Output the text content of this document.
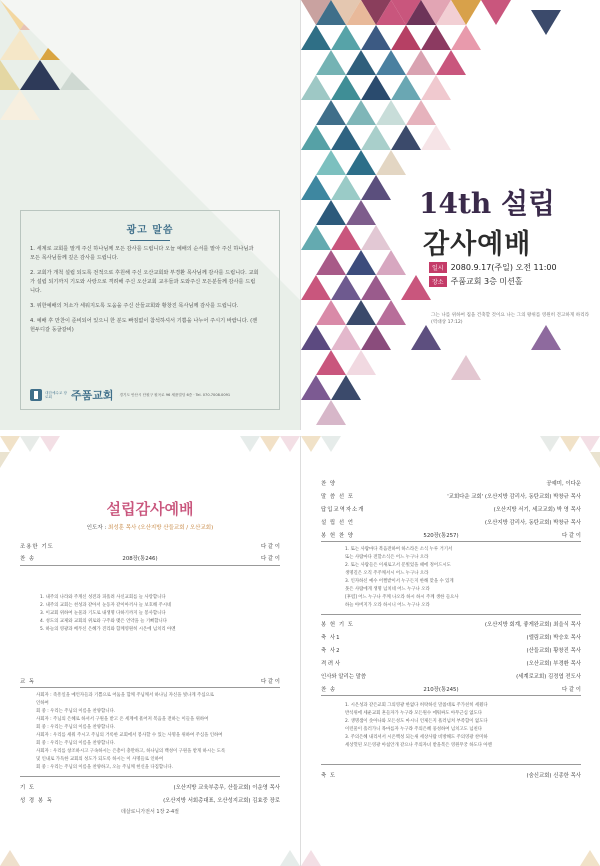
광고 말씀
1. 세계로 교회를 말게 주신 하나님께 모든 감사를 드립니다 오늘 예배의 순서를 맡아 주신 하나님과 모든 목사님들께 깊은 감사를 드립니다.
2. 교회가 개척 설립 되도록 전적으로 후원해 주신 오산교회와 부경환 목사님께 감사를 드립니다. 교회가 설립 되기까지 기도와 사랑으로 격려해 주신 오산교회 교우들과 도와주신 모든분들께 감사를 드립니다.
3. 위한예배의 처소가 세워지도록 도움을 주신 산들교회와 황창진 목사님께 감사를 드립니다.
4. 예배 후 만찬이 준비되어 있으니 한 분도 빠짐없이 참석하셔서 기쁨을 나누어 주시기 바랍니다. (젠헌두디갈 동굴갈비)
대한예수교 장로회	주품교회 경기도 안산시 단원구 원곡로 96 세품빌딩 6층 · Tel. 070.7008.0091
14th 설립
감사예배
일시 2080.9.17(주일) 오전 11:00
장소 주품교회 3층 미션홀
그는 나를 위하여 집을 건축할 것이요 나는 그의 왕위를 영원히 견고하게 하리라 (역대상 17:12)
설립감사예배
인도자 : 최성훈 목사 (오산지방 산들교회 / 오산교회)
조용한 기도	다 같 이
찬 송	208장(통246)	다 같 이
1. 내주의 나라와 주계신 성전과 피흘려 사신교회를 늘 사랑합니다
2. 내주의 교회는 천성과 같아서 눈동자 같이아끼사 늘 보호해 주시네
3. 이교회 위하여 눈물과 기도로 내생명 다하기까지 늘 봉사합니다
4. 성도의 교제와 교회의 위로와 구주와 맺은 언약을 늘 기뻐합니다
5. 하늘의 영광과 베푸신 은혜가 진리와 함께영원히 시온에 넘치리 아멘
교 독	다 같 이
사회자 : 즉흥일을 예언자들과 기쁨으로 어둠을 함께 주님께서 하나님 자신을 빛나게 주십으로
인하여
회 중 : 우리는 주님의 이름을 찬양합니다.
사회자 : 주님의 은혜로 하셔서 구원을 받고 온 세계에 흩어져 복음을 전하는 이들을 위하여
회 중 : 우리는 주님의 이름을 찬양합니다.
사회자 : 우리를 세워 주시고 주님의 거룩한 교회에서 봉사할 수 있는 사명을 위하여 주심을 인하여
회 중 : 우리는 주님의 이름을 찬양합니다.
사회자 : 우리를 창조하시고 구속하시는 은총이 충만하고, 하나님의 백성이 구원을 받게 하시는 도록
및 인내로 가득한 교회의 성도가 되도록 하시는 이 사명들로 인하여
회 중 : 우리는 주님의 이름을 찬양하고, 오늘 주님께 헌신을 다짐합니다.
기 도	(오산지방 교육부총무, 산들교회) 이운영 목사
성 경 봉 독	(오산지방 서회총대표, 오산성지교회) 김효중 장로
데살로니가전서 1장 2-4절
찬 양	공예미, 이다운
말 씀 선 포	'교회다운 교회' (오산지방 감리사, 동탄교회) 박창규 목사
답입교역자소개	(오산지방 서기, 세교교회) 박 영 목사
설 립 선 언	(오산지방 감리사, 동탄교회) 박창규 목사
봉 헌 찬 양	520장(통257)	다 같 이
1. 또는 사람마다 복음전하여 하스라온 소식 누루 거기서
또는 사람마다 전할소식은 어느 누구나 오라
2. 또는 사람들은 이새로고서 문빛었을 때에 정어드시도
생명길은 오직 주주께서시 어느 누구나 오라
3. 인자하신 예수 어쩔밭이서 누구든지 한해 맞을 수 있게
못은 사람에게 생명 넘치네 어느 누구나 오라
[후렴] 어느 누구나 주께 나오라 하시 하시 주께 생한 들으사
하늘 아버지가 오라 하시니 어느 누구나 오라
봉 헌 기 도	(오산지방 회계, 좋게완교회) 최을식 목사
축 사1	(엘림교회) 박승호 목사
축 사2	(산들교회) 황창진 목사
격 려 사	(오산교회) 부경환 목사
인사와 알리는 말씀	(세계로교회) 김정엽 전도사
찬 송	210장(통245)	다 같 이
1. 시온성과 같은교회 그의영광 한없다 허락하신 말씀대로 주가친히 세웠다
반석위에 세운교회 흔들자가 누구랴 모든원수 에워싸도 아무근심 없도다
2. 생명샘이 솟아나와 모든성도 마시니 언제든지 흘러넘쳐 부족함이 없도다
이런물이 흘러가니 목마를자 누구랴 주의은혜 풍성하여 넘치고도 넘친다
3. 주의은혜 내리셔서 시온백성 되는새 세상사람 비방해도 주의영광 찬미하
세상헛된 모든영광 아침안개 같으나 주의자녀 받을복은 영원무궁 하도다 아멘
축 도	(숨신교회) 신종한 목사
